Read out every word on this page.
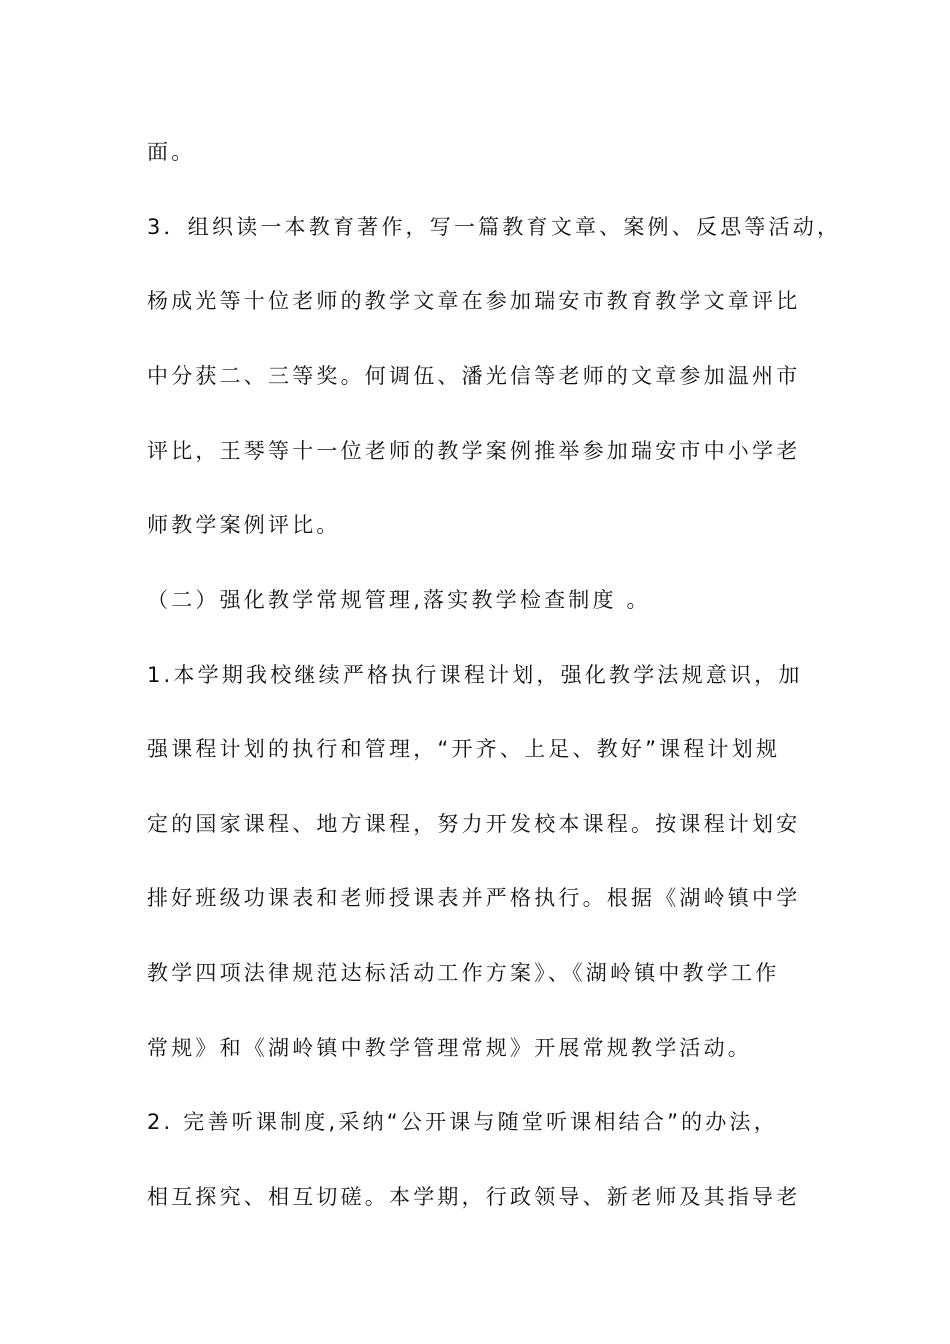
面。
3．组织读一本教育著作，写一篇教育文章、案例、反思等活动，
杨成光等十位老师的教学文章在参加瑞安市教育教学文章评比
中分获二、三等奖。何调伍、潘光信等老师的文章参加温州市
评比，王琴等十一位老师的教学案例推举参加瑞安市中小学老
师教学案例评比。
（二）强化教学常规管理,落实教学检查制度 。
1.本学期我校继续严格执行课程计划，强化教学法规意识，加
强课程计划的执行和管理，“开齐、上足、教好”课程计划规
定的国家课程、地方课程，努力开发校本课程。按课程计划安
排好班级功课表和老师授课表并严格执行。根据《湖岭镇中学
教学四项法律规范达标活动工作方案》、《湖岭镇中教学工作
常规》和《湖岭镇中教学管理常规》开展常规教学活动。
2. 完善听课制度,采纳“公开课与随堂听课相结合”的办法，
相互探究、相互切磋。本学期，行政领导、新老师及其指导老
